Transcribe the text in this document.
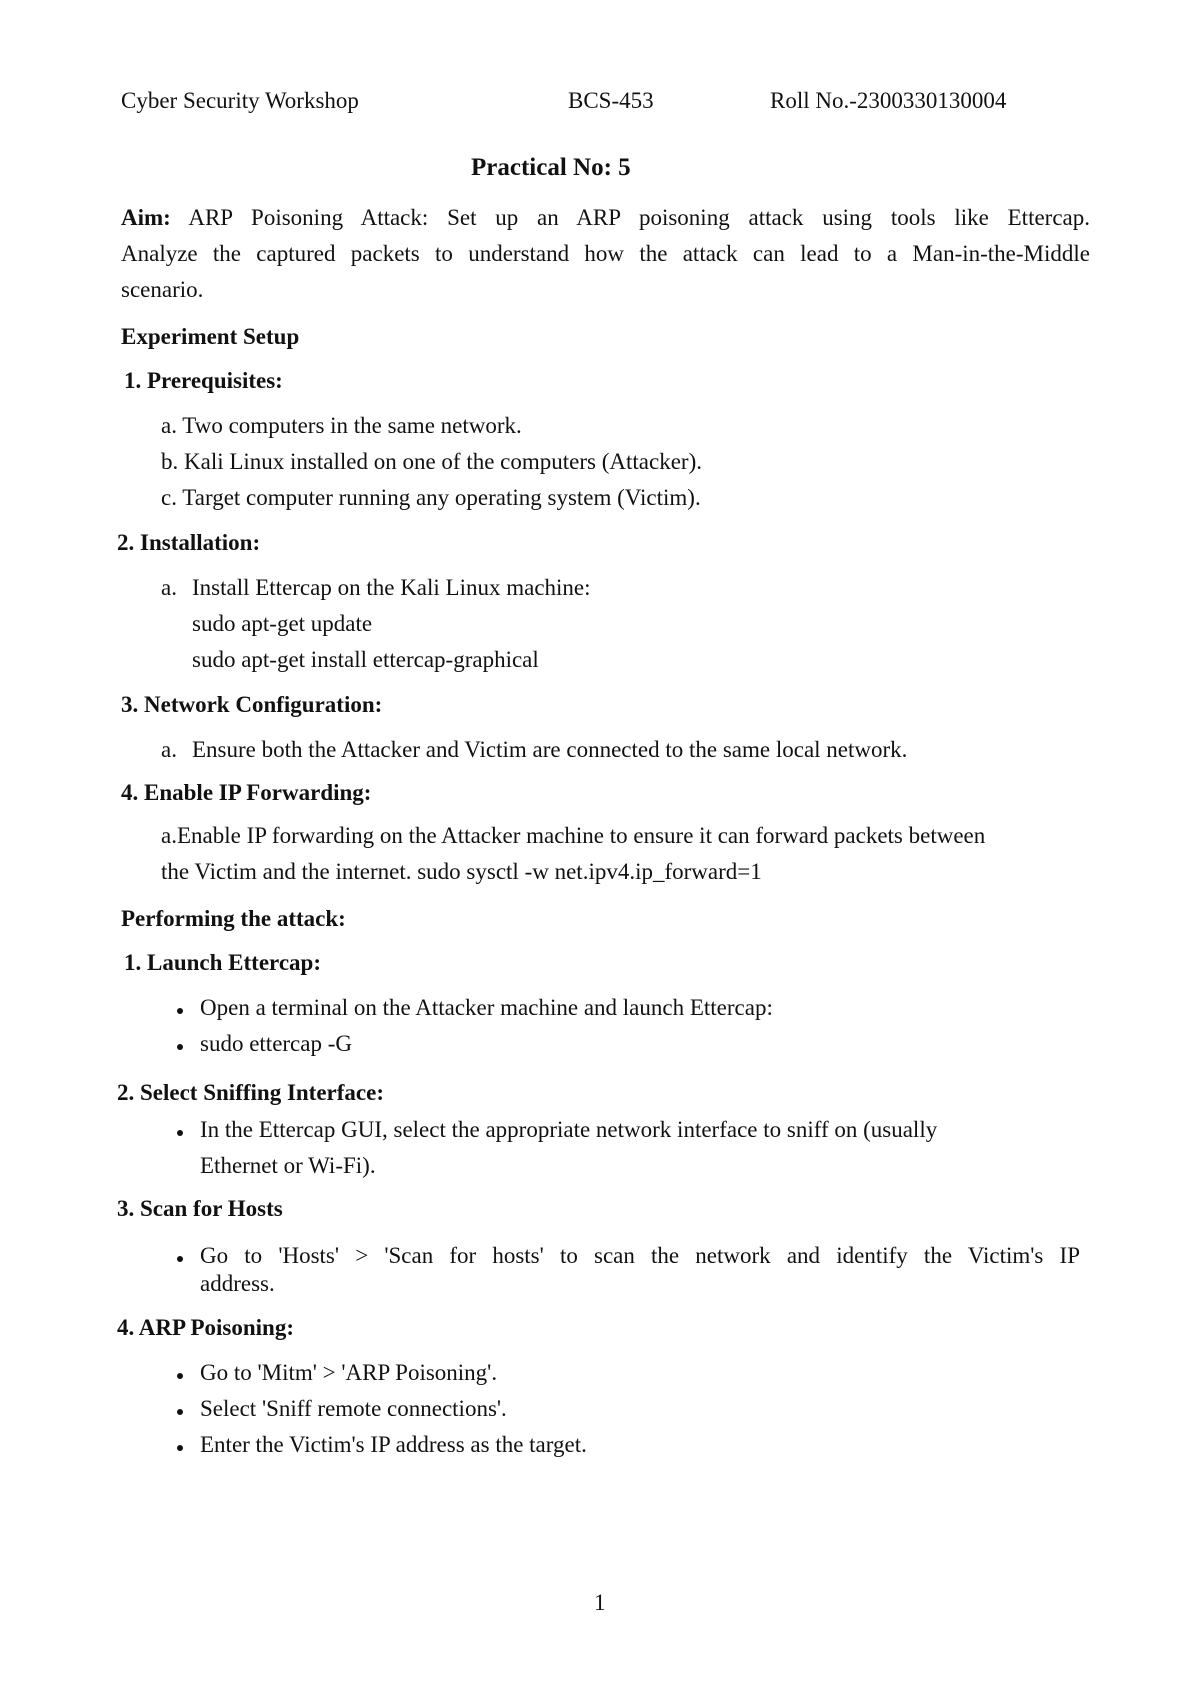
Cyber Security Workshop	BCS-453	Roll No.-2300330130004
Practical No: 5
Aim: ARP Poisoning Attack: Set up an ARP poisoning attack using tools like Ettercap.
Analyze the captured packets to understand how the attack can lead to a Man-in-the-Middle
scenario.
Experiment Setup
1. Prerequisites:
a. Two computers in the same network.
b. Kali Linux installed on one of the computers (Attacker).
c. Target computer running any operating system (Victim).
2. Installation:
a. Install Ettercap on the Kali Linux machine:
sudo apt-get update
sudo apt-get install ettercap-graphical
3. Network Configuration:
a. Ensure both the Attacker and Victim are connected to the same local network.
4. Enable IP Forwarding:
a.Enable IP forwarding on the Attacker machine to ensure it can forward packets between
the Victim and the internet. sudo sysctl -w net.ipv4.ip_forward=1
Performing the attack:
1. Launch Ettercap:
Open a terminal on the Attacker machine and launch Ettercap:
sudo ettercap -G
2. Select Sniffing Interface:
In the Ettercap GUI, select the appropriate network interface to sniff on (usually
Ethernet or Wi-Fi).
3. Scan for Hosts
Go to 'Hosts' > 'Scan for hosts' to scan the network and identify the Victim's IP
address.
4. ARP Poisoning:
Go to 'Mitm' > 'ARP Poisoning'.
Select 'Sniff remote connections'.
Enter the Victim's IP address as the target.
1
